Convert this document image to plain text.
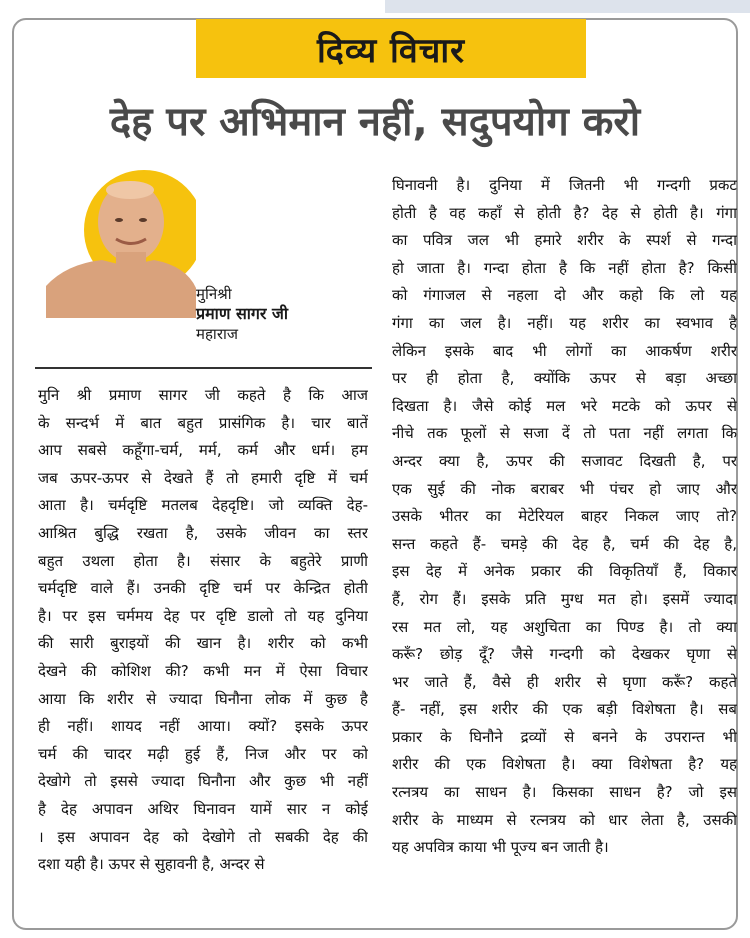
दिव्य विचार
देह पर अभिमान नहीं, सदुपयोग करो
मुनिश्री
प्रमाण सागर जी
महाराज
मुनि श्री प्रमाण सागर जी कहते है कि आज
के सन्दर्भ में बात बहुत प्रासंगिक है। चार बातें
आप सबसे कहूँगा-चर्म, मर्म, कर्म और धर्म। हम
जब ऊपर-ऊपर से देखते हैं तो हमारी दृष्टि में चर्म
आता है। चर्मदृष्टि मतलब देहदृष्टि। जो व्यक्ति देह-
आश्रित बुद्धि रखता है, उसके जीवन का स्तर
बहुत उथला होता है। संसार के बहुतेरे प्राणी
चर्मदृष्टि वाले हैं। उनकी दृष्टि चर्म पर केन्द्रित होती
है। पर इस चर्ममय देह पर दृष्टि डालो तो यह दुनिया
की सारी बुराइयों की खान है। शरीर को कभी
देखने की कोशिश की? कभी मन में ऐसा विचार
आया कि शरीर से ज्यादा घिनौना लोक में कुछ है
ही नहीं। शायद नहीं आया। क्यों? इसके ऊपर
चर्म की चादर मढ़ी हुई हैं, निज और पर को
देखोगे तो इससे ज्यादा घिनौना और कुछ भी नहीं
है देह अपावन अथिर घिनावन यामें सार न कोई
। इस अपावन देह को देखोगे तो सबकी देह की
दशा यही है। ऊपर से सुहावनी है, अन्दर से
घिनावनी है। दुनिया में जितनी भी गन्दगी प्रकट
होती है वह कहाँ से होती है? देह से होती है। गंगा
का पवित्र जल भी हमारे शरीर के स्पर्श से गन्दा
हो जाता है। गन्दा होता है कि नहीं होता है? किसी
को गंगाजल से नहला दो और कहो कि लो यह
गंगा का जल है। नहीं। यह शरीर का स्वभाव है
लेकिन इसके बाद भी लोगों का आकर्षण शरीर
पर ही होता है, क्योंकि ऊपर से बड़ा अच्छा
दिखता है। जैसे कोई मल भरे मटके को ऊपर से
नीचे तक फूलों से सजा दें तो पता नहीं लगता कि
अन्दर क्या है, ऊपर की सजावट दिखती है, पर
एक सुई की नोक बराबर भी पंचर हो जाए और
उसके भीतर का मेटेरियल बाहर निकल जाए तो?
सन्त कहते हैं- चमड़े की देह है, चर्म की देह है,
इस देह में अनेक प्रकार की विकृतियाँ हैं, विकार
हैं, रोग हैं। इसके प्रति मुग्ध मत हो। इसमें ज्यादा
रस मत लो, यह अशुचिता का पिण्ड है। तो क्या
करूँ? छोड़ दूँ? जैसे गन्दगी को देखकर घृणा से
भर जाते हैं, वैसे ही शरीर से घृणा करूँ? कहते
हैं- नहीं, इस शरीर की एक बड़ी विशेषता है। सब
प्रकार के घिनौने द्रव्यों से बनने के उपरान्त भी
शरीर की एक विशेषता है। क्या विशेषता है? यह
रत्नत्रय का साधन है। किसका साधन है? जो इस
शरीर के माध्यम से रत्नत्रय को धार लेता है, उसकी
यह अपवित्र काया भी पूज्य बन जाती है।
